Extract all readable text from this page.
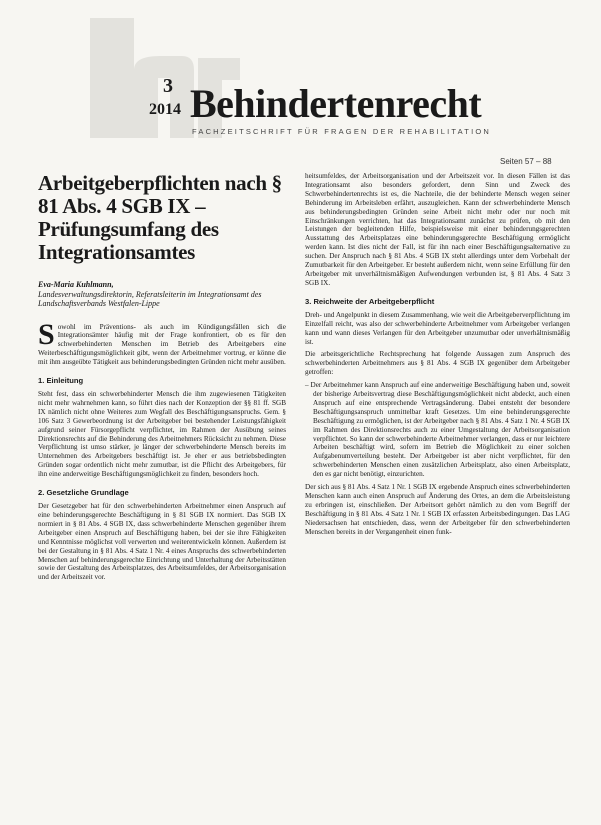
3
2014 Behindertenrecht
FACHZEITSCHRIFT FÜR FRAGEN DER REHABILITATION
Seiten 57 – 88
Arbeitgeberpflichten nach § 81 Abs. 4 SGB IX – Prüfungsumfang des Integrationsamtes
Eva-Maria Kuhlmann,
Landesverwaltungsdirektorin, Referatsleiterin im Integrationsamt des Landschaftsverbands Westfalen-Lippe

Sowohl im Präventions- als auch im Kündigungsfällen sich die Integrationsämter häufig mit der Frage konfrontiert, ob es für den schwerbehinderten Menschen im Betrieb des Arbeitgebers eine Weiterbeschäftigungsmöglichkeit gibt, wenn der Arbeitnehmer vortrug, er könne die mit ihm ausgeübte Tätigkeit aus behinderungsbedingten Gründen nicht mehr ausüben.

1. Einleitung

Steht fest, dass ein schwerbehinderter Mensch die ihm zugewiesenen Tätigkeiten nicht mehr wahrnehmen kann, so führt dies nach der Konzeption der §§ 81 ff. SGB IX nämlich nicht ohne Weiteres zum Wegfall des Beschäftigungsanspruchs. Gem. § 106 Satz 3 Gewerbeordnung ist der Arbeitgeber bei bestehender Leistungsfähigkeit aufgrund seiner Fürsorgepflicht verpflichtet, im Rahmen der Ausübung seines Direktionsrechts auf die Behinderung des Arbeitnehmers Rücksicht zu nehmen. Diese Verpflichtung ist umso stärker, je länger der schwerbehinderte Mensch bereits im Unternehmen des Arbeitgebers beschäftigt ist. Je eher er aus betriebsbedingten Gründen sogar ordentlich nicht mehr zumutbar, ist die Pflicht des Arbeitgebers, für ihn eine anderweitige Beschäftigungsmöglichkeit zu finden, besonders hoch.

2. Gesetzliche Grundlage

Der Gesetzgeber hat für den schwerbehinderten Arbeitnehmer einen Anspruch auf eine behinderungsgerechte Beschäftigung in § 81 SGB IX normiert. Das SGB IX normiert in § 81 Abs. 4 SGB IX, dass schwerbehinderte Menschen gegenüber ihrem Arbeitgeber einen Anspruch auf Beschäftigung haben, bei der sie ihre Fähigkeiten und Kenntnisse möglichst voll verwerten und weiterentwickeln können. Außerdem ist bei der Gestaltung in § 81 Abs. 4 Satz 1 Nr. 4 eines Anspruchs des schwerbehinderten Menschen auf behinderungsgerechte Einrichtung und Unterhaltung der Arbeitsstätten sowie der Gestaltung des Arbeitsplatzes, des Arbeitsumfeldes, der Arbeitsorganisation und der Arbeitszeit vor.

heitsumfeldes, der Arbeitsorganisation und der Arbeitszeit vor. In diesen Fällen ist das Integrationsamt also besonders gefordert, denn Sinn und Zweck des Schwerbehindertenrechts ist es, die Nachteile, die der behinderte Mensch wegen seiner Behinderung im Arbeitsleben erfährt, auszugleichen. Kann der schwerbehinderte Mensch aus behinderungsbedingten Gründen seine Arbeit nicht mehr oder nur noch mit Einschränkungen verrichten, hat das Integrationsamt zunächst zu prüfen, ob mit den Leistungen der begleitenden Hilfe, beispielsweise mit einer behinderungsgerechten Ausstattung des Arbeitsplatzes eine behinderungsgerechte Beschäftigung ermöglicht werden kann. Ist dies nicht der Fall, ist für ihn nach einer Beschäftigungsalternative zu suchen. Der Anspruch nach § 81 Abs. 4 SGB IX steht allerdings unter dem Vorbehalt der Zumutbarkeit für den Arbeitgeber. Er besteht außerdem nicht, wenn seine Erfüllung für den Arbeitgeber mit unverhältnismäßigen Aufwendungen verbunden ist, § 81 Abs. 4 Satz 3 SGB IX.

3. Reichweite der Arbeitgeberpflicht

Dreh- und Angelpunkt in diesem Zusammenhang, wie weit die Arbeitgeberverpflichtung im Einzelfall reicht, was also der schwerbehinderte Arbeitnehmer vom Arbeitgeber verlangen kann und wann dieses Verlangen für den Arbeitgeber unzumutbar oder unverhältnismäßig ist.

Die arbeitsgerichtliche Rechtsprechung hat folgende Aussagen zum Anspruch des schwerbehinderten Arbeitnehmers aus § 81 Abs. 4 SGB IX gegenüber dem Arbeitgeber getroffen:

– Der Arbeitnehmer kann Anspruch auf eine anderweitige Beschäftigung haben und, soweit der bisherige Arbeitsvertrag diese Beschäftigungsmöglichkeit nicht abdeckt, auch einen Anspruch auf eine entsprechende Vertragsänderung. Dabei entsteht der besondere Beschäftigungsanspruch unmittelbar kraft Gesetzes. Um eine behinderungsgerechte Beschäftigung zu ermöglichen, ist der Arbeitgeber nach § 81 Abs. 4 Satz 1 Nr. 4 SGB IX im Rahmen des Direktionsrechts auch zu einer Umgestaltung der Arbeitsorganisation verpflichtet. So kann der schwerbehinderte Arbeitnehmer verlangen, dass er nur leichtere Arbeiten beschäftigt wird, sofern im Betrieb die Möglichkeit zu einer solchen Aufgabenumverteilung besteht. Der Arbeitgeber ist aber nicht verpflichtet, für den schwerbehinderten Menschen einen zusätzlichen Arbeitsplatz, also einen Arbeitsplatz, den es gar nicht benötigt, einzurichten.

Der sich aus § 81 Abs. 4 Satz 1 Nr. 1 SGB IX ergebende Anspruch eines schwerbehinderten Menschen kann auch einen Anspruch auf Änderung des Ortes, an dem die Arbeitsleistung zu erbringen ist, einschließen. Der Arbeitsort gehört nämlich zu den vom Begriff der Beschäftigung in § 81 Abs. 4 Satz 1 Nr. 1 SGB IX erfassten Arbeitsbedingungen. Das LAG Niedersachsen hat entschieden, dass, wenn der Arbeitgeber für den schwerbehinderten Menschen bereits in der Vergangenheit einen funk-
